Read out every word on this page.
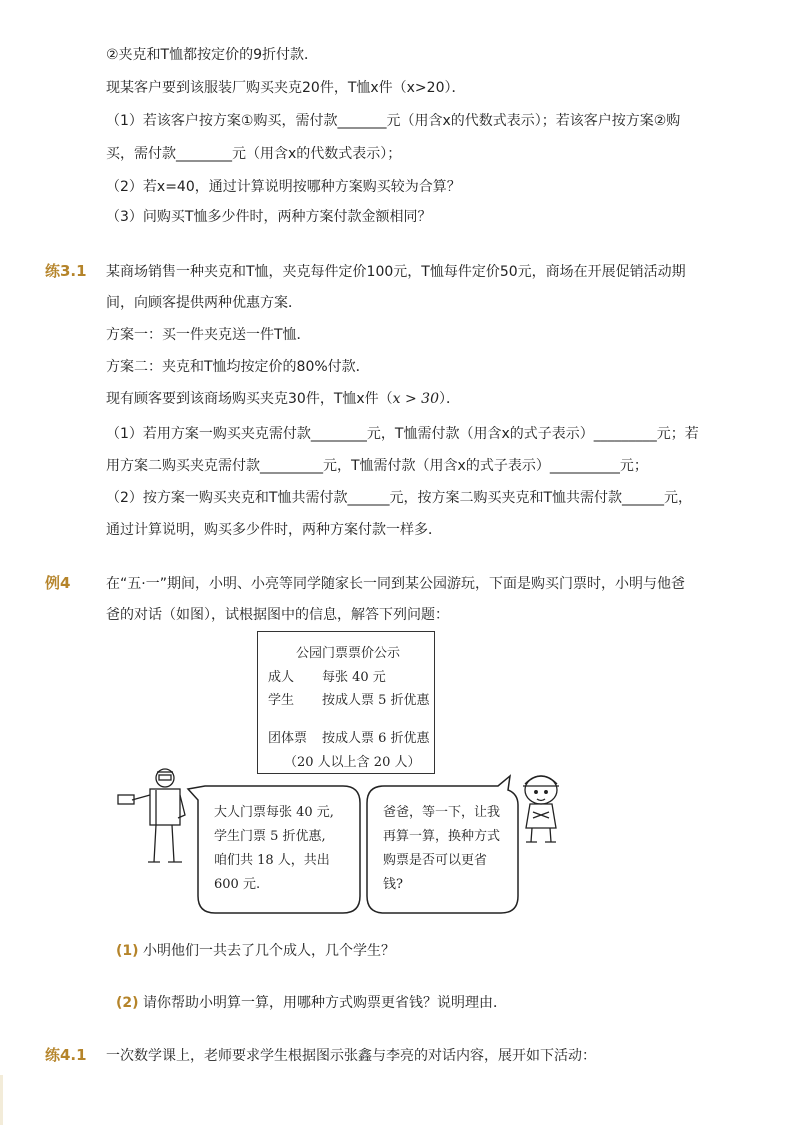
②夹克和T恤都按定价的9折付款．
现某客户要到该服装厂购买夹克20件，T恤x件（x>20）．
（1）若该客户按方案①购买，需付款_______元（用含x的代数式表示）；若该客户按方案②购
买，需付款________元（用含x的代数式表示）；
（2）若x=40，通过计算说明按哪种方案购买较为合算？
（3）问购买T恤多少件时，两种方案付款金额相同？
练3.1 某商场销售一种夹克和T恤，夹克每件定价100元，T恤每件定价50元，商场在开展促销活动期
间，向顾客提供两种优惠方案．
方案一：买一件夹克送一件T恤．
方案二：夹克和T恤均按定价的80%付款．
现有顾客要到该商场购买夹克30件，T恤x件（x > 30）．
（1）若用方案一购买夹克需付款________元，T恤需付款（用含x的式子表示）_________元；若
用方案二购买夹克需付款_________元，T恤需付款（用含x的式子表示）__________元；
（2）按方案一购买夹克和T恤共需付款______元，按方案二购买夹克和T恤共需付款______元，
通过计算说明，购买多少件时，两种方案付款一样多．
例4	在“五·一”期间，小明、小亮等同学随家长一同到某公园游玩，下面是购买门票时，小明与他爸
爸的对话（如图），试根据图中的信息，解答下列问题：
公园门票票价公示
成人 每张 40 元
学生 按成人票 5 折优惠
团体票 按成人票 6 折优惠
（20 人以上含 20 人）
大人门票每张 40 元,
学生门票 5 折优惠,
咱们共 18 人，共出
600 元.
爸爸，等一下，让我
再算一算，换种方式
购票是否可以更省
钱?
(1) 小明他们一共去了几个成人，几个学生？
(2) 请你帮助小明算一算，用哪种方式购票更省钱？说明理由．
练4.1 一次数学课上，老师要求学生根据图示张鑫与李亮的对话内容，展开如下活动：
